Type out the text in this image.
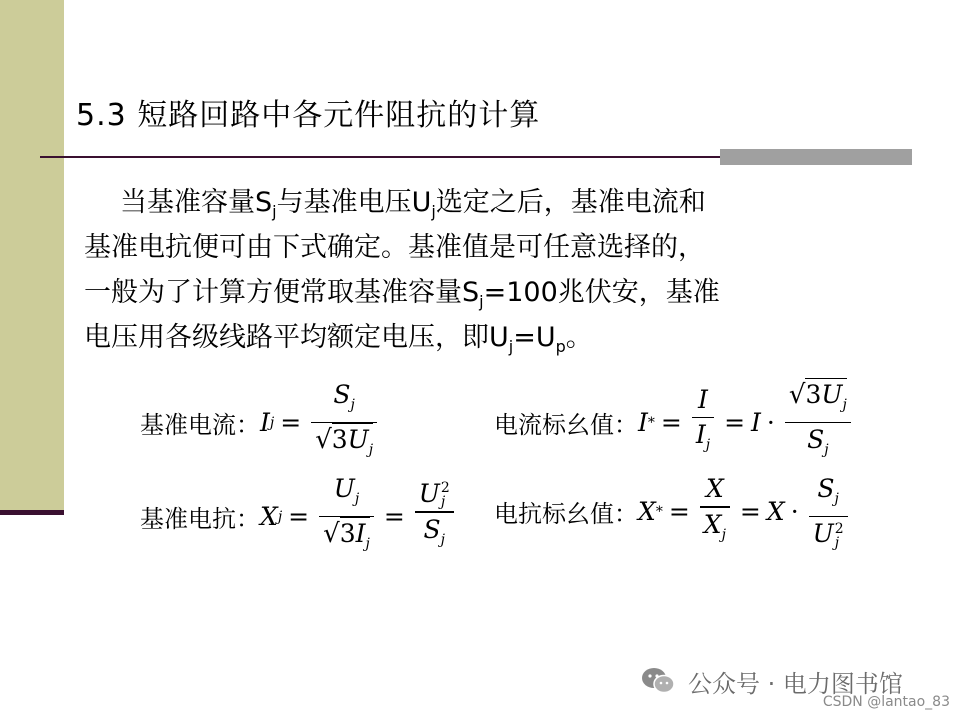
5.3 短路回路中各元件阻抗的计算
当基准容量$S_j$与基准电压$U_j$选定之后，基准电流和
基准电抗便可由下式确定。基准值是可任意选择的，
一般为了计算方便常取基准容量$S_j=100$兆伏安，基准
电压用各级线路平均额定电压，即$U_j=U_p$。
基准电流： I $j = \frac{S_j}{√3U_j}$	电流标幺值： I * = $\frac{I}{I_j} = I \cdot \frac{√3U_j}{S_j}$
基准电抗： X $j = \frac{U_j}{√3I_j} = U$ 2
j
$S_j$ 电抗标幺值： X * = $\frac{X}{X_j} = X \cdot S_j$
U 2
j
公众号 · 电力图书馆
CSDN @lantao_83
